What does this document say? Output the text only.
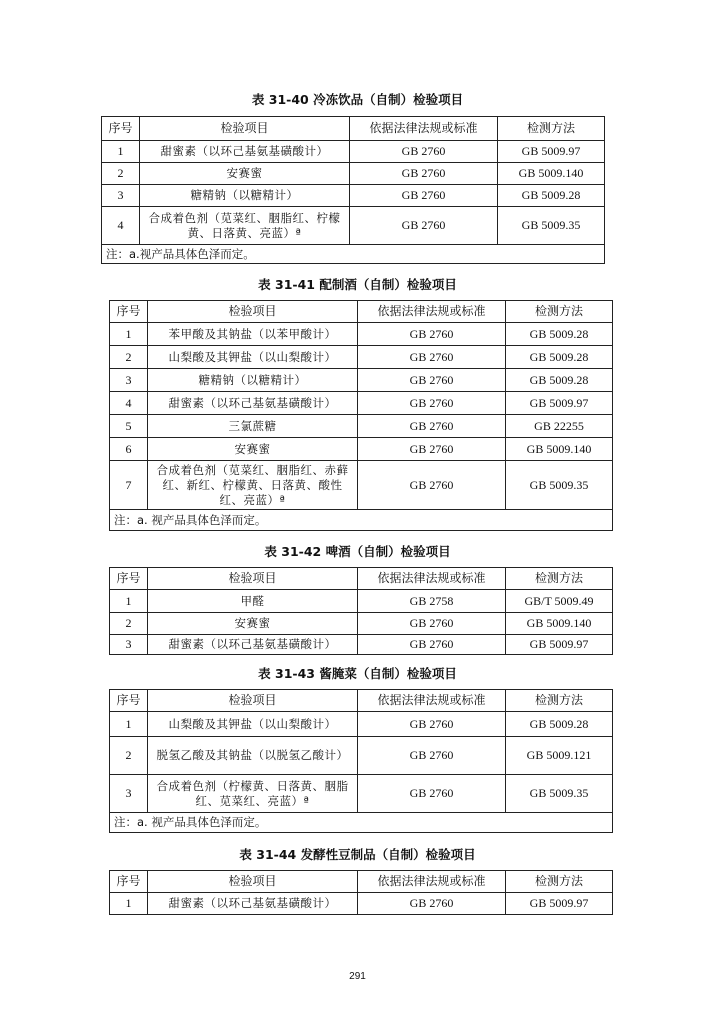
表 31-40 冷冻饮品（自制）检验项目
序号	检验项目	依据法律法规或标准	检测方法
1	甜蜜素（以环己基氨基磺酸计）	GB 2760	GB 5009.97
2	安赛蜜	GB 2760	GB 5009.140
3	糖精钠（以糖精计）	GB 2760	GB 5009.28
4	合成着色剂（苋菜红、胭脂红、柠檬黄、日落黄、亮蓝）ª	GB 2760	GB 5009.35
注：a.视产品具体色泽而定。			
表 31-41 配制酒（自制）检验项目
序号	检验项目	依据法律法规或标准	检测方法
1	苯甲酸及其钠盐（以苯甲酸计）	GB 2760	GB 5009.28
2	山梨酸及其钾盐（以山梨酸计）	GB 2760	GB 5009.28
3	糖精钠（以糖精计）	GB 2760	GB 5009.28
4	甜蜜素（以环己基氨基磺酸计）	GB 2760	GB 5009.97
5	三氯蔗糖	GB 2760	GB 22255
6	安赛蜜	GB 2760	GB 5009.140
7	合成着色剂（苋菜红、胭脂红、赤藓红、新红、柠檬黄、日落黄、酸性红、亮蓝）ª	GB 2760	GB 5009.35
注：a. 视产品具体色泽而定。			
表 31-42 啤酒（自制）检验项目
序号	检验项目	依据法律法规或标准	检测方法
1	甲醛	GB 2758	GB/T 5009.49
2	安赛蜜	GB 2760	GB 5009.140
3	甜蜜素（以环己基氨基磺酸计）	GB 2760	GB 5009.97
表 31-43 酱腌菜（自制）检验项目
序号	检验项目	依据法律法规或标准	检测方法
1	山梨酸及其钾盐（以山梨酸计）	GB 2760	GB 5009.28
2	脱氢乙酸及其钠盐（以脱氢乙酸计）	GB 2760	GB 5009.121
3	合成着色剂（柠檬黄、日落黄、胭脂红、苋菜红、亮蓝）ª	GB 2760	GB 5009.35
注：a. 视产品具体色泽而定。			
表 31-44 发酵性豆制品（自制）检验项目
序号	检验项目	依据法律法规或标准	检测方法
1	甜蜜素（以环己基氨基磺酸计）	GB 2760	GB 5009.97
291
